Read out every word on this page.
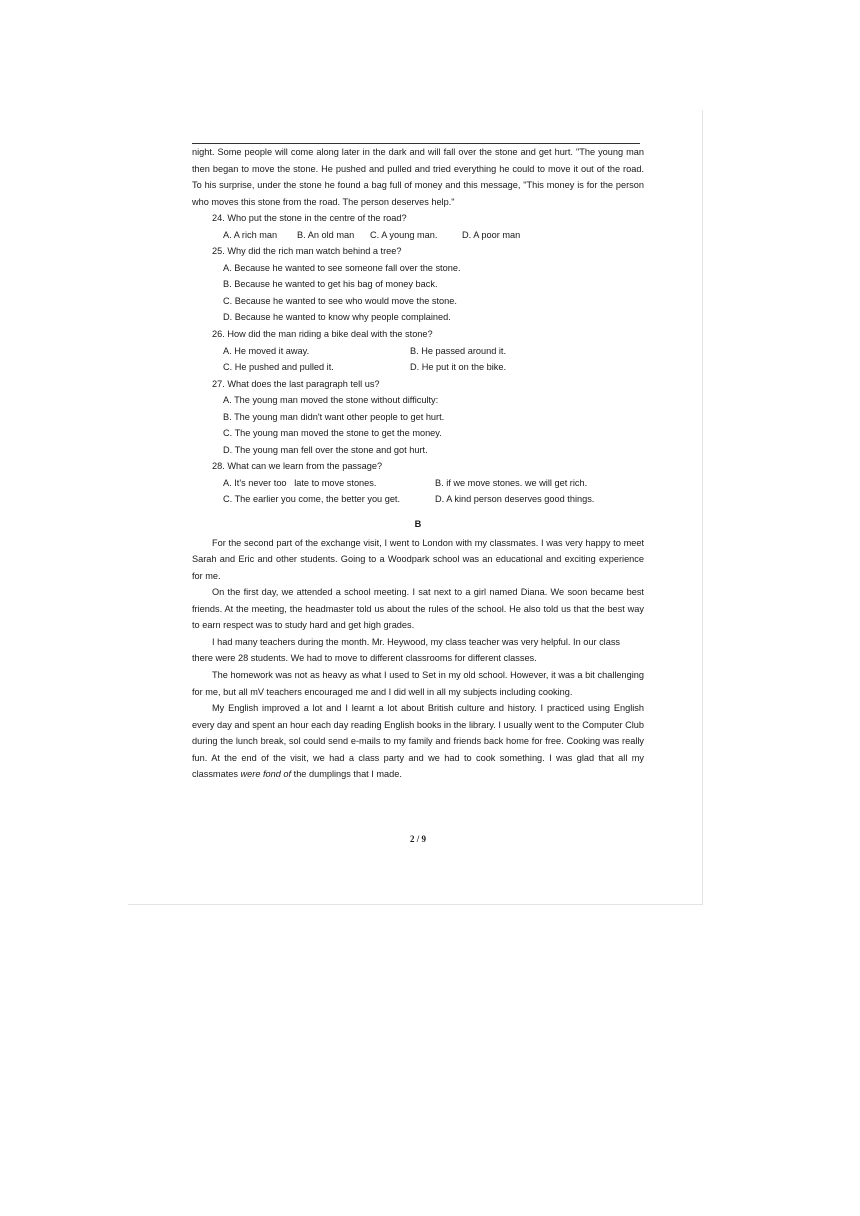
night. Some people will come along later in the dark and will fall over the stone and get hurt. "The young man then began to move the stone. He pushed and pulled and tried everything he could to move it out of the road. To his surprise, under the stone he found a bag full of money and this message, "This money is for the person who moves this stone from the road. The person deserves help."

24. Who put the stone in the centre of the road?

A. A rich man	B. An old man	C. A young man.	D. A poor man

25. Why did the rich man watch behind a tree?

A. Because he wanted to see someone fall over the stone.

B. Because he wanted to get his bag of money back.

C. Because he wanted to see who would move the stone.

D. Because he wanted to know why people complained.

26. How did the man riding a bike deal with the stone?

A. He moved it away.	B. He passed around it.
C. He pushed and pulled it.	D. He put it on the bike.

27. What does the last paragraph tell us?

A. The young man moved the stone without difficulty:

B. The young man didn't want other people to get hurt.

C. The young man moved the stone to get the money.

D. The young man fell over the stone and got hurt.

28. What can we learn from the passage?

A. It's never too   late to move stones.	B. if we move stones. we will get rich.
C. The earlier you come, the better you get.	D. A kind person deserves good things.

B

For the second part of the exchange visit, I went to London with my classmates. I was very happy to meet Sarah and Eric and other students. Going to a Woodpark school was an educational and exciting experience for me.

On the first day, we attended a school meeting. I sat next to a girl named Diana. We soon became best friends. At the meeting, the headmaster told us about the rules of the school. He also told us that the best way to earn respect was to study hard and get high grades.

I had many teachers during the month. Mr. Heywood, my class teacher was very helpful. In our class

there were 28 students. We had to move to different classrooms for different classes.

The homework was not as heavy as what I used to Set in my old school. However, it was a bit challenging for me, but all mV teachers encouraged me and I did well in all my subjects including cooking.

My English improved a lot and I learnt a lot about British culture and history. I practiced using English every day and spent an hour each day reading English books in the library. I usually went to the Computer Club during the lunch break, sol could send e-mails to my family and friends back home for free. Cooking was really fun. At the end of the visit, we had a class party and we had to cook something. I was glad that all my classmates were fond of the dumplings that I made.

2 / 9
